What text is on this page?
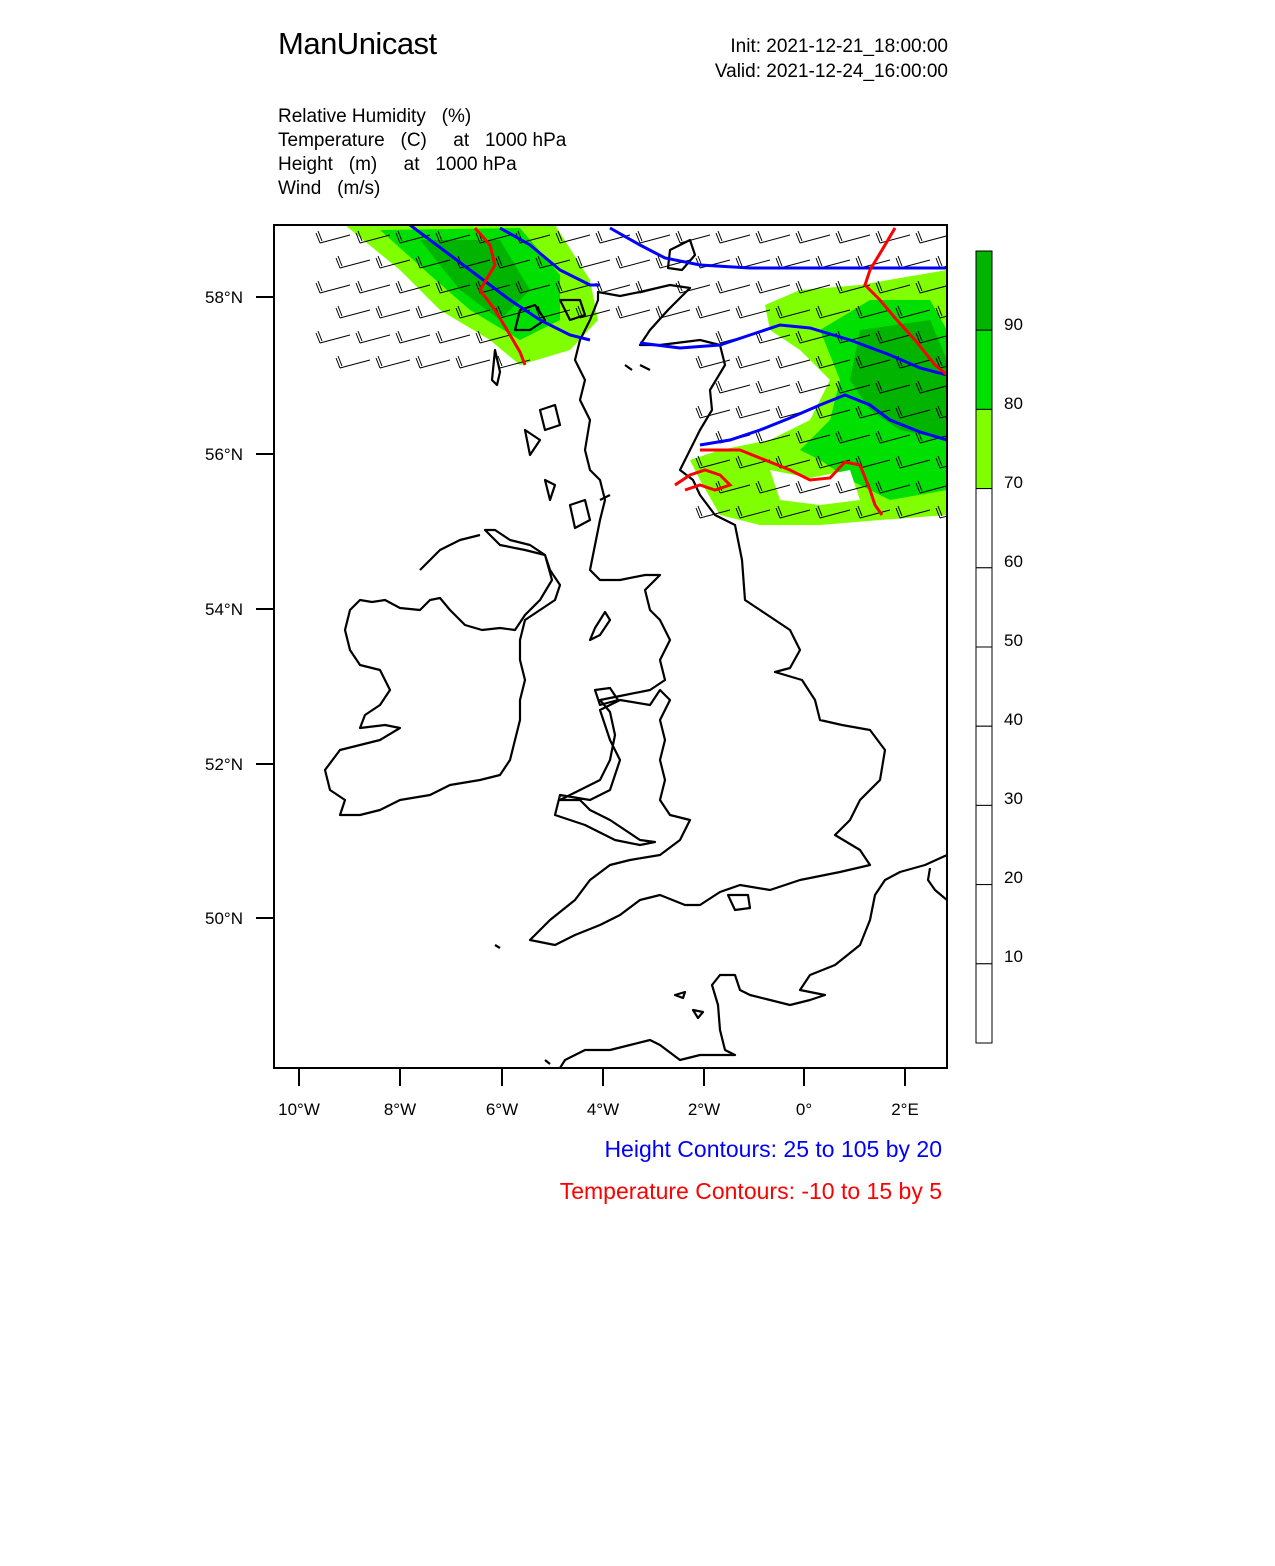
ManUnicast	Init: 2021-12-21_18:00:00
Valid: 2021-12-24_16:00:00
Relative Humidity   (%)
Temperature   (C)     at   1000 hPa
Height   (m)     at   1000 hPa
Wind   (m/s)
58°N
56°N
54°N
52°N
50°N
10°W	8°W	6°W	4°W	2°W	0°	2°E
90
80
70
60
50
40
30
20
10
Height Contours: 25 to 105 by 20
Temperature Contours: -10 to 15 by 5
